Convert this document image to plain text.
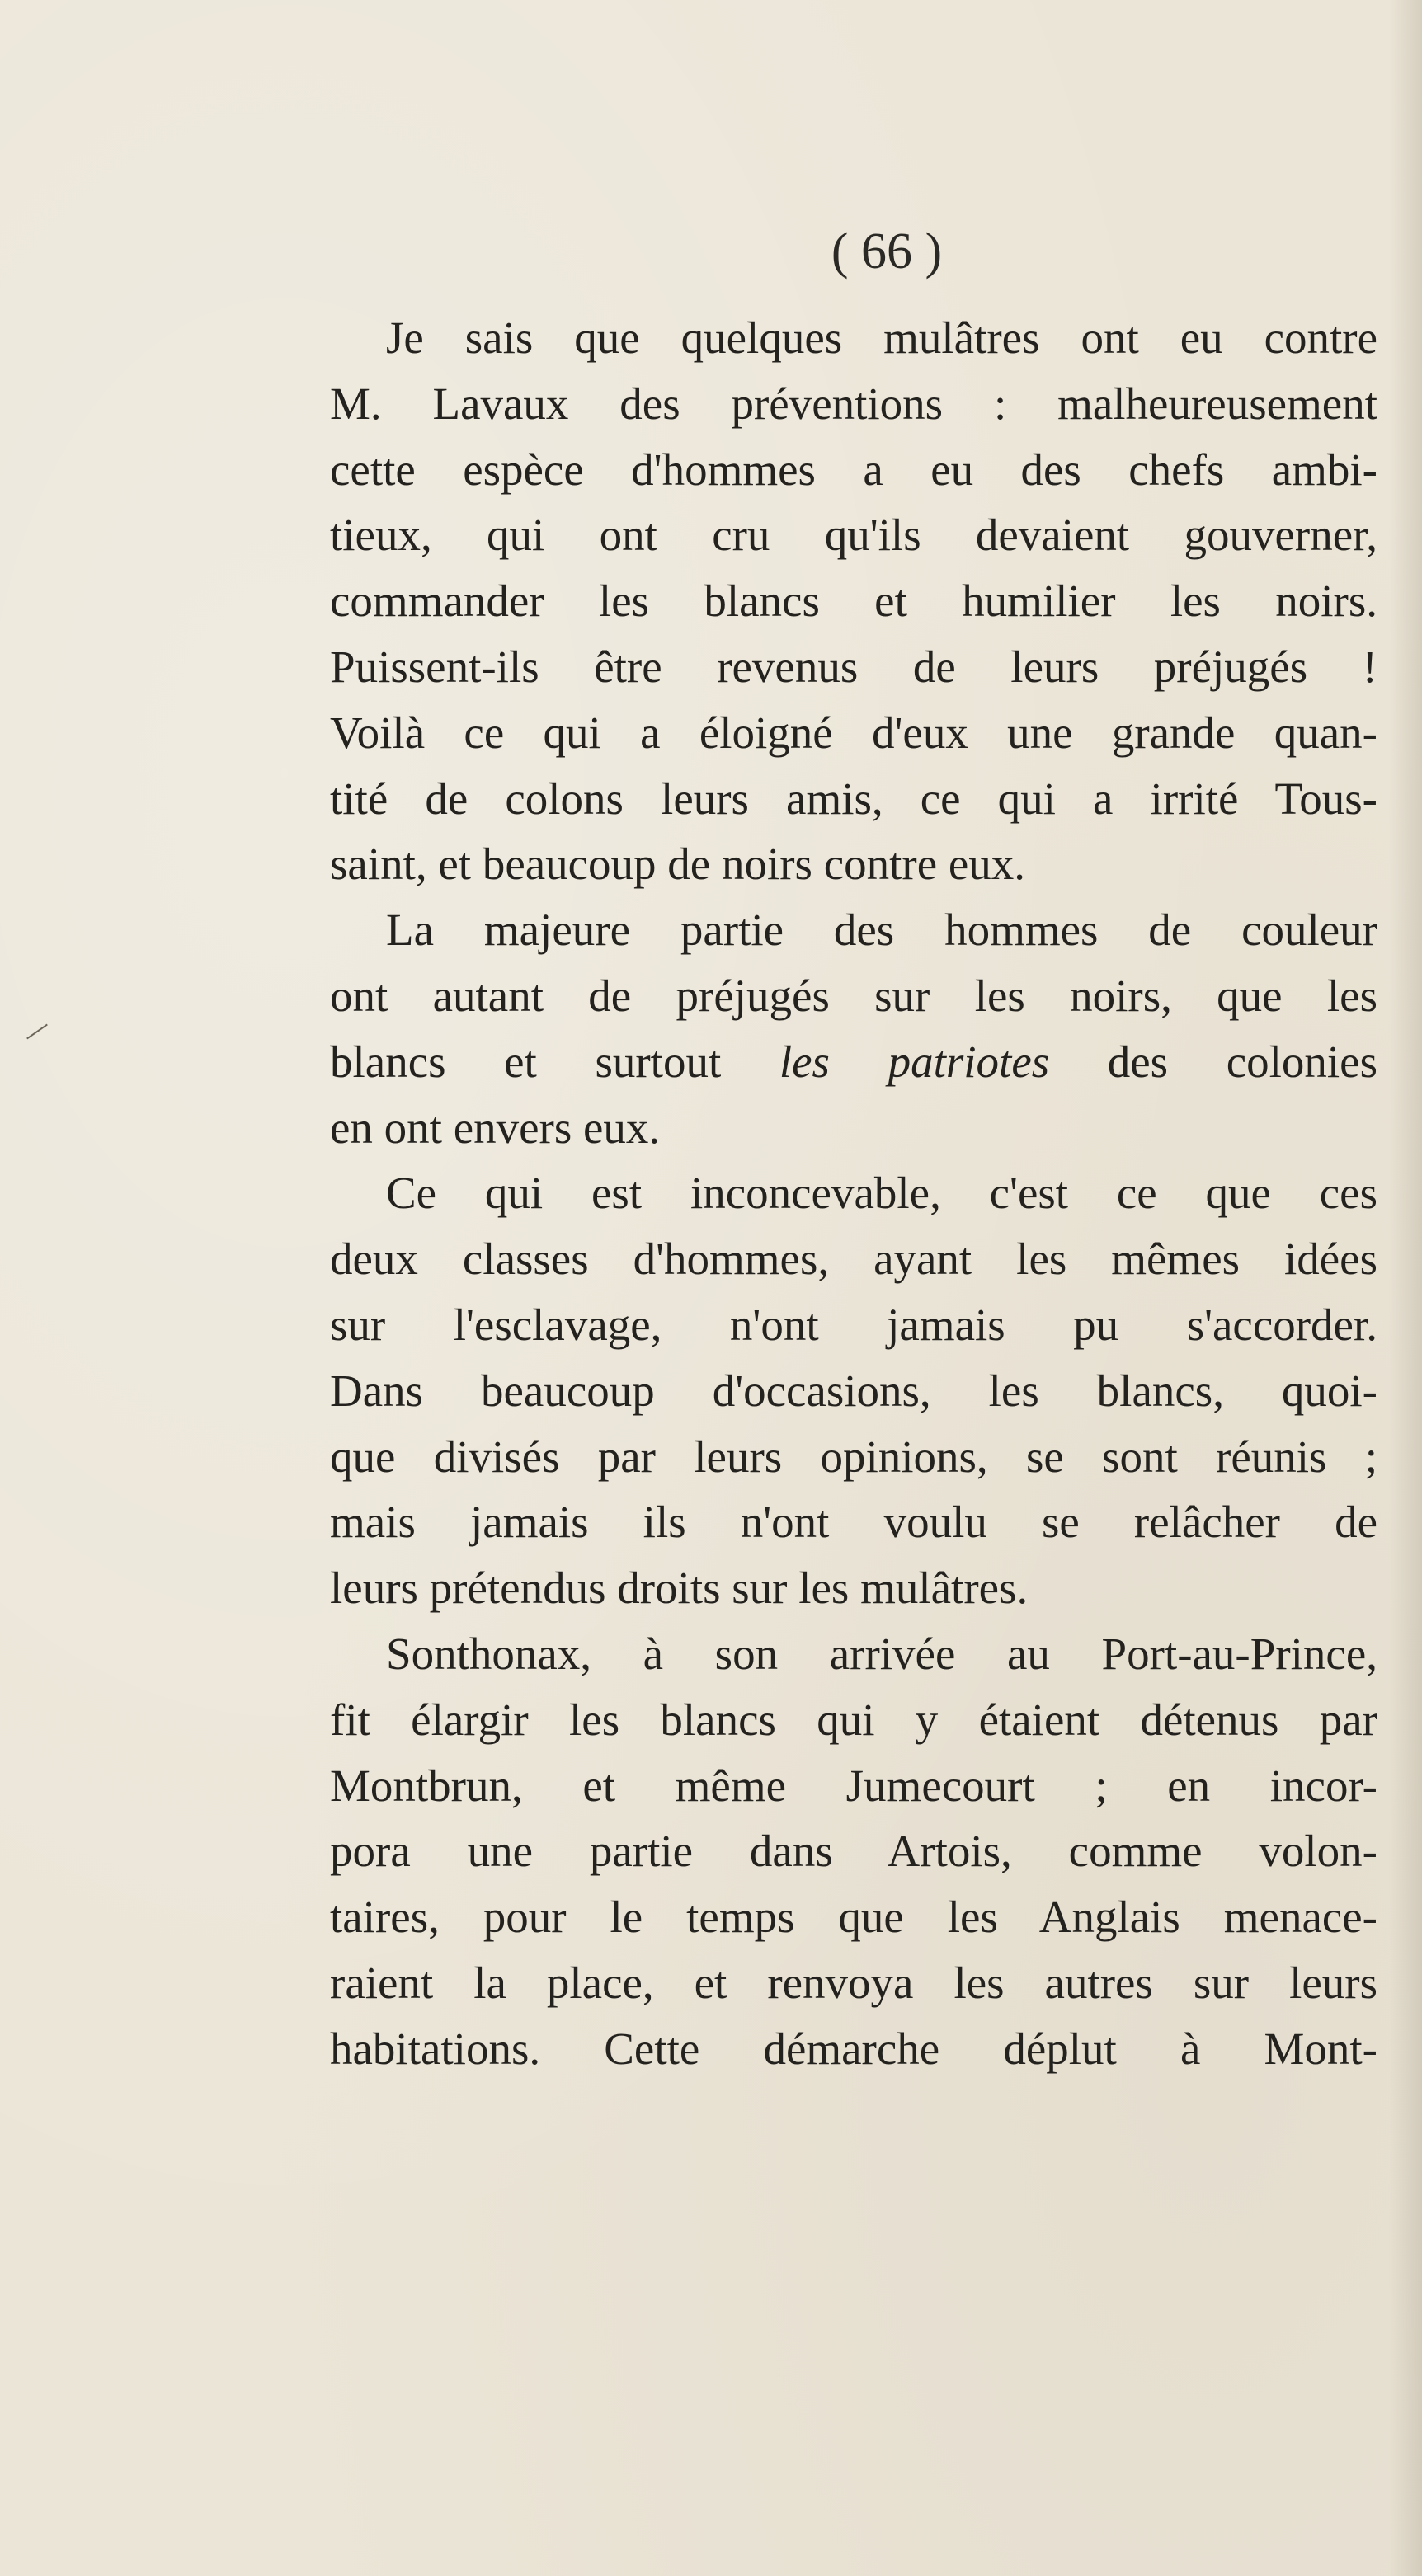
( 66 )
Je sais que quelques mulâtres ont eu contre
M. Lavaux des préventions : malheureusement
cette espèce d'hommes a eu des chefs ambi-
tieux, qui ont cru qu'ils devaient gouverner,
commander les blancs et humilier les noirs.
Puissent-ils être revenus de leurs préjugés !
Voilà ce qui a éloigné d'eux une grande quan-
tité de colons leurs amis, ce qui a irrité Tous-
saint, et beaucoup de noirs contre eux.
La majeure partie des hommes de couleur
ont autant de préjugés sur les noirs, que les
blancs et surtout les patriotes des colonies
en ont envers eux.
Ce qui est inconcevable, c'est ce que ces
deux classes d'hommes, ayant les mêmes idées
sur l'esclavage, n'ont jamais pu s'accorder.
Dans beaucoup d'occasions, les blancs, quoi-
que divisés par leurs opinions, se sont réunis ;
mais jamais ils n'ont voulu se relâcher de
leurs prétendus droits sur les mulâtres.
Sonthonax, à son arrivée au Port-au-Prince,
fit élargir les blancs qui y étaient détenus par
Montbrun, et même Jumecourt ; en incor-
pora une partie dans Artois, comme volon-
taires, pour le temps que les Anglais menace-
raient la place, et renvoya les autres sur leurs
habitations. Cette démarche déplut à Mont-
